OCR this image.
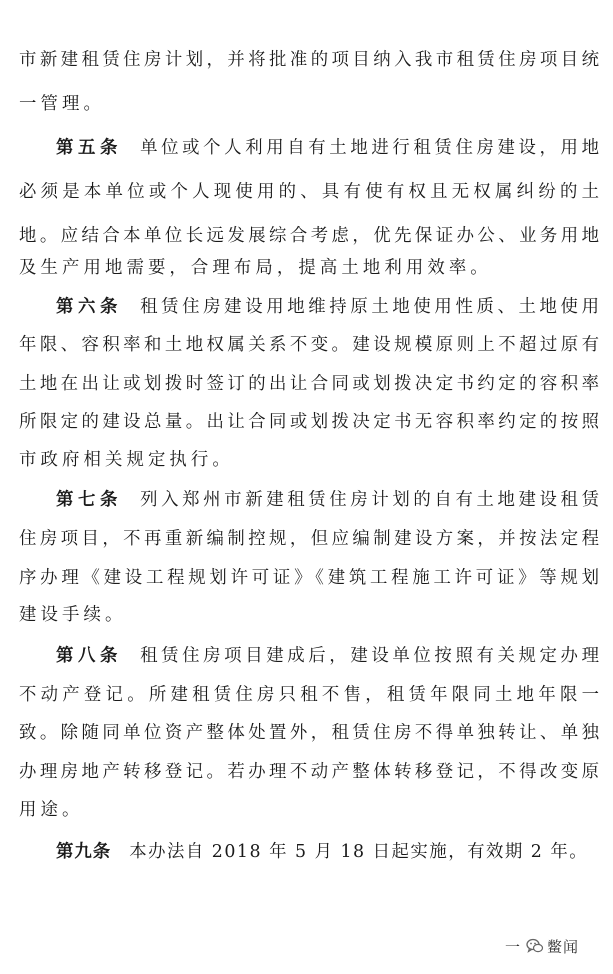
市新建租赁住房计划，并将批准的项目纳入我市租赁住房项目统
一管理。
第五条 单位或个人利用自有土地进行租赁住房建设，用地
必须是本单位或个人现使用的、具有使有权且无权属纠纷的土
地。应结合本单位长远发展综合考虑，优先保证办公、业务用地
及生产用地需要，合理布局，提高土地利用效率。
第六条 租赁住房建设用地维持原土地使用性质、土地使用
年限、容积率和土地权属关系不变。建设规模原则上不超过原有
土地在出让或划拨时签订的出让合同或划拨决定书约定的容积率
所限定的建设总量。出让合同或划拨决定书无容积率约定的按照
市政府相关规定执行。
第七条 列入郑州市新建租赁住房计划的自有土地建设租赁
住房项目，不再重新编制控规，但应编制建设方案，并按法定程
序办理《建设工程规划许可证》《建筑工程施工许可证》等规划
建设手续。
第八条 租赁住房项目建成后，建设单位按照有关规定办理
不动产登记。所建租赁住房只租不售，租赁年限同土地年限一
致。除随同单位资产整体处置外，租赁住房不得单独转让、单独
办理房地产转移登记。若办理不动产整体转移登记，不得改变原
用途。
第九条 本办法自 2018 年 5 月 18 日起实施，有效期 2 年。
一 鳖闻
